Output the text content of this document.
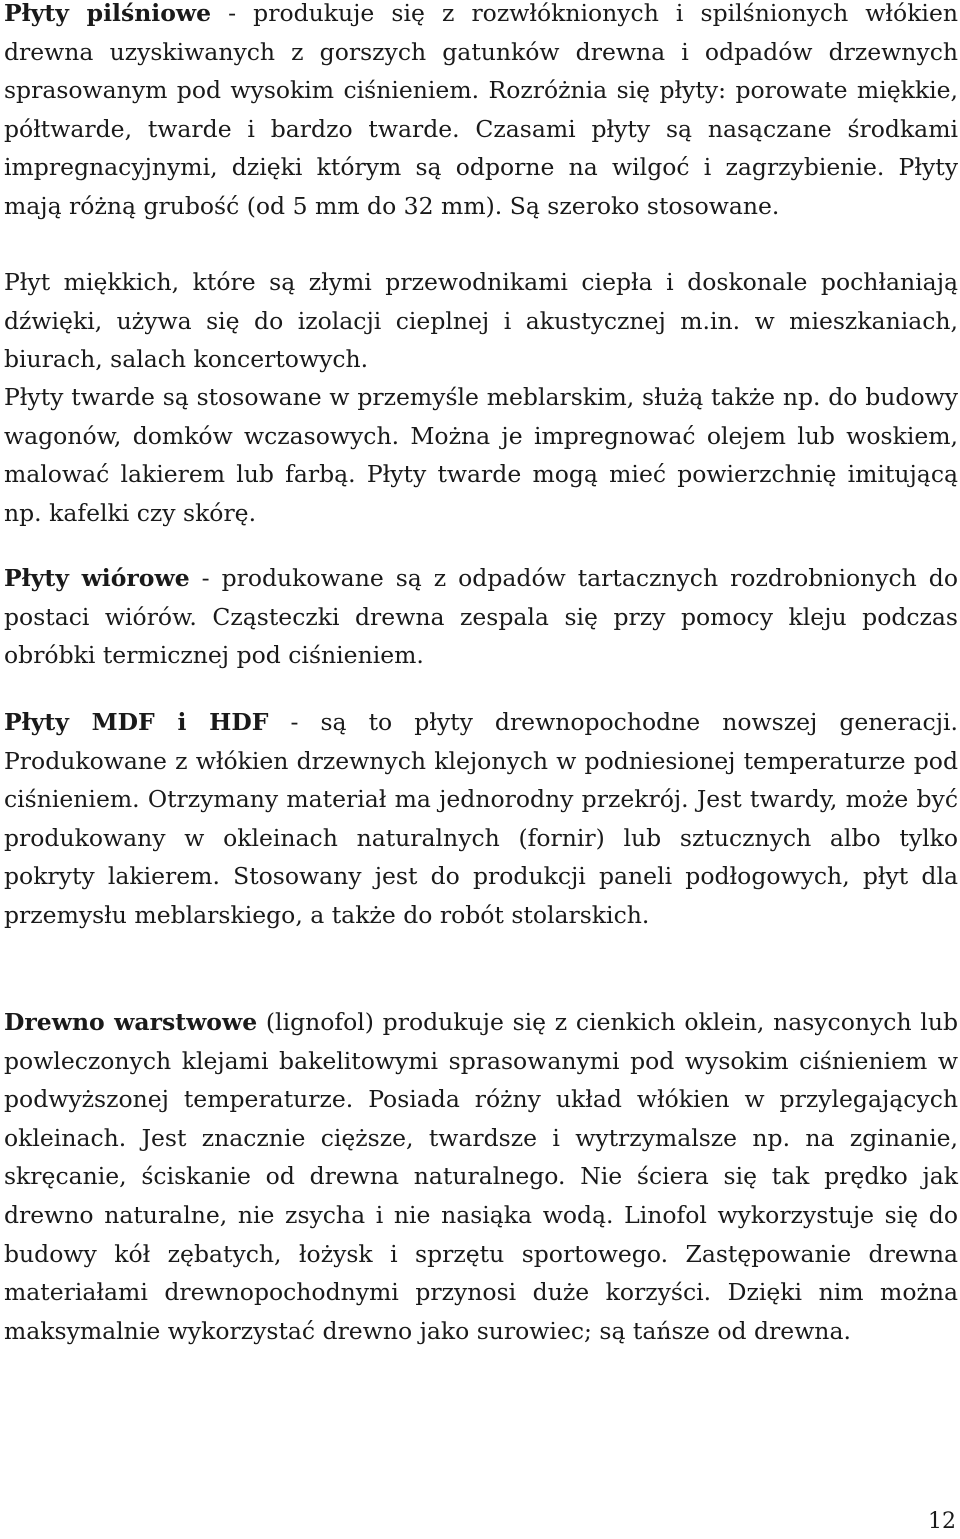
Płyty pilśniowe - produkuje się z rozwłóknionych i spilśnionych włókien drewna uzyskiwanych z gorszych gatunków drewna i odpadów drzewnych sprasowanym pod wysokim ciśnieniem. Rozróżnia się płyty: porowate miękkie, półtwarde, twarde i bardzo twarde. Czasami płyty są nasączane środkami impregnacyjnymi, dzięki którym są odporne na wilgoć i zagrzybienie. Płyty mają różną grubość (od 5 mm do 32 mm). Są szeroko stosowane.

Płyt miękkich, które są złymi przewodnikami ciepła i doskonale pochłaniają dźwięki, używa się do izolacji cieplnej i akustycznej m.in. w mieszkaniach, biurach, salach koncertowych.

Płyty twarde są stosowane w przemyśle meblarskim, służą także np. do budowy wagonów, domków wczasowych. Można je impregnować olejem lub woskiem, malować lakierem lub farbą. Płyty twarde mogą mieć powierzchnię imitującą np. kafelki czy skórę.

Płyty wiórowe - produkowane są z odpadów tartacznych rozdrobnionych do postaci wiórów. Cząsteczki drewna zespala się przy pomocy kleju podczas obróbki termicznej pod ciśnieniem.

Płyty MDF i HDF - są to płyty drewnopochodne nowszej generacji. Produkowane z włókien drzewnych klejonych w podniesionej temperaturze pod ciśnieniem. Otrzymany materiał ma jednorodny przekrój. Jest twardy, może być produkowany w okleinach naturalnych (fornir) lub sztucznych albo tylko pokryty lakierem. Stosowany jest do produkcji paneli podłogowych, płyt dla przemysłu meblarskiego, a także do robót stolarskich.

Drewno warstwowe (lignofol) produkuje się z cienkich oklein, nasyconych lub powleczonych klejami bakelitowymi sprasowanymi pod wysokim ciśnieniem w podwyższonej temperaturze. Posiada różny układ włókien w przylegających okleinach. Jest znacznie cięższe, twardsze i wytrzymalsze np. na zginanie, skręcanie, ściskanie od drewna naturalnego. Nie ściera się tak prędko jak drewno naturalne, nie zsycha i nie nasiąka wodą. Linofol wykorzystuje się do budowy kół zębatych, łożysk i sprzętu sportowego. Zastępowanie drewna materiałami drewnopochodnymi przynosi duże korzyści. Dzięki nim można maksymalnie wykorzystać drewno jako surowiec; są tańsze od drewna.

12
